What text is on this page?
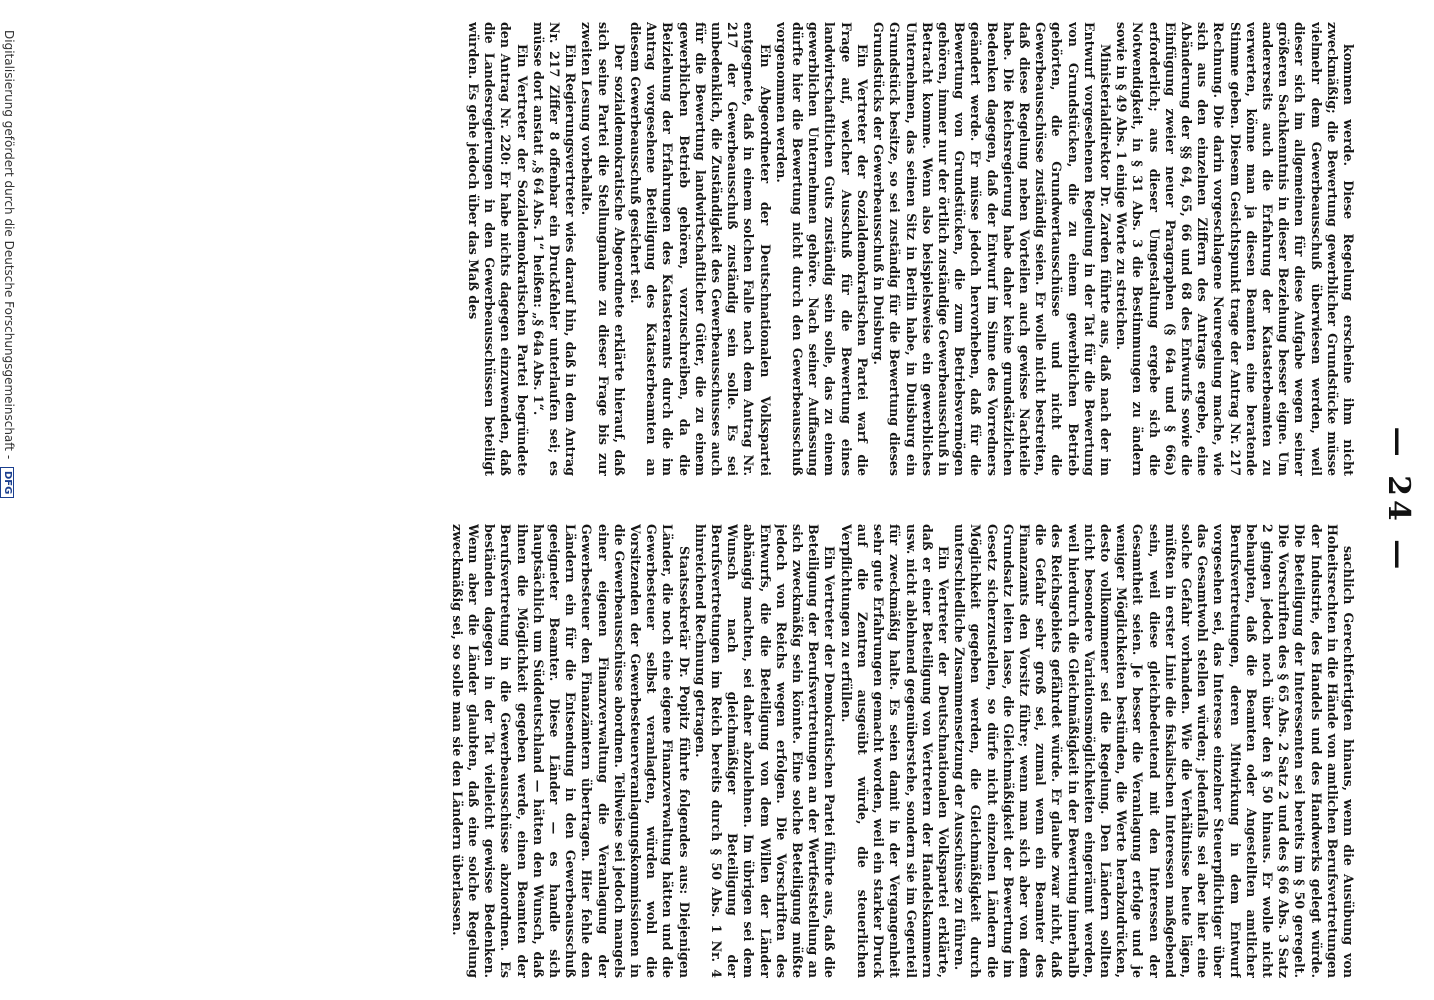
— 24 —

kommen werde. Diese Regelung erscheine ihm nicht zweckmäßig; die Bewertung gewerblicher Grundstücke müsse vielmehr dem Gewerbeausschuß überwiesen werden, weil dieser sich im allgemeinen für diese Aufgabe wegen seiner größeren Sachkenntnis in dieser Beziehung besser eigne. Um andererseits auch die Erfahrung der Katasterbeamten zu verwerten, könne man ja diesen Beamten eine beratende Stimme geben. Diesem Gesichtspunkt trage der Antrag Nr. 217 Rechnung. Die darin vorgeschlagene Neuregelung mache, wie sich aus den einzelnen Ziffern des Antrags ergebe, eine Abänderung der §§ 64, 65, 66 und 68 des Entwurfs sowie die Einfügung zweier neuer Paragraphen (§ 64a und § 66a) erforderlich; aus dieser Umgestaltung ergebe sich die Notwendigkeit, in § 31 Abs. 3 die Bestimmungen zu ändern sowie in § 49 Abs. 1 einige Worte zu streichen.

Ministerialdirektor Dr. Zarden führte aus, daß nach der im Entwurf vorgesehenen Regelung in der Tat für die Bewertung von Grundstücken, die zu einem gewerblichen Betrieb gehörten, die Grundwertausschüsse und nicht die Gewerbeausschüsse zuständig seien. Er wolle nicht bestreiten, daß diese Regelung neben Vorteilen auch gewisse Nachteile habe. Die Reichsregierung habe daher keine grundsätzlichen Bedenken dagegen, daß der Entwurf im Sinne des Vorredners geändert werde. Er müsse jedoch hervorheben, daß für die Bewertung von Grundstücken, die zum Betriebsvermögen gehören, immer nur der örtlich zuständige Gewerbeausschuß in Betracht komme. Wenn also beispielsweise ein gewerbliches Unternehmen, das seinen Sitz in Berlin habe, in Duisburg ein Grundstück besitze, so sei zuständig für die Bewertung dieses Grundstücks der Gewerbeausschuß in Duisburg.

Ein Vertreter der Sozialdemokratischen Partei warf die Frage auf, welcher Ausschuß für die Bewertung eines landwirtschaftlichen Guts zuständig sein solle, das zu einem gewerblichen Unternehmen gehöre. Nach seiner Auffassung dürfte hier die Bewertung nicht durch den Gewerbeausschuß vorgenommen werden.

Ein Abgeordneter der Deutschnationalen Volkspartei entgegnete, daß in einem solchen Falle nach dem Antrag Nr. 217 der Gewerbeausschuß zuständig sein solle. Es sei unbedenklich, die Zuständigkeit des Gewerbeausschusses auch für die Bewertung landwirtschaftlicher Güter, die zu einem gewerblichen Betrieb gehören, vorzuschreiben, da die Beiziehung der Erfahrungen des Katasteramts durch die im Antrag vorgesehene Beteiligung des Katasterbeamten an diesem Gewerbeausschuß gesichert sei.

Der sozialdemokratische Abgeordnete erklärte hierauf, daß sich seine Partei die Stellungnahme zu dieser Frage bis zur zweiten Lesung vorbehalte.

Ein Regierungsvertreter wies darauf hin, daß in dem Antrag Nr. 217 Ziffer 8 offenbar ein Druckfehler unterlaufen sei; es müsse dort anstatt „§ 64 Abs. 1“ heißen: „§ 64a Abs. 1“.

Ein Vertreter der Sozialdemokratischen Partei begründete den Antrag Nr. 220: Er habe nichts dagegen einzuwenden, daß die Landesregierungen in den Gewerbeausschüssen beteiligt würden. Es gehe jedoch über das Maß des

sachlich Gerechtfertigten hinaus, wenn die Ausübung von Hoheitsrechten in die Hände von amtlichen Berufsvertretungen der Industrie, des Handels und des Handwerks gelegt würde. Die Beteiligung der Interessenten sei bereits im § 50 geregelt. Die Vorschriften des § 65 Abs. 2 Satz 2 und des § 66 Abs. 3 Satz 2 gingen jedoch noch über den § 50 hinaus. Er wolle nicht behaupten, daß die Beamten oder Angestellten amtlicher Berufsvertretungen, deren Mitwirkung in dem Entwurf vorgesehen sei, das Interesse einzelner Steuerpflichtiger über das Gesamtwohl stellen würden; jedenfalls sei aber hier eine solche Gefahr vorhanden. Wie die Verhältnisse heute lägen, müßten in erster Linie die fiskalischen Interessen maßgebend sein, weil diese gleichbedeutend mit den Interessen der Gesamtheit seien. Je besser die Veranlagung erfolge und je weniger Möglichkeiten bestünden, die Werte herabzudrücken, desto vollkommener sei die Regelung. Den Ländern sollten nicht besondere Variationsmöglichkeiten eingeräumt werden, weil hierdurch die Gleichmäßigkeit in der Bewertung innerhalb des Reichsgebiets gefährdet würde. Er glaube zwar nicht, daß die Gefahr sehr groß sei, zumal wenn ein Beamter des Finanzamts den Vorsitz führe; wenn man sich aber von dem Grundsatz leiten lasse, die Gleichmäßigkeit der Bewertung im Gesetz sicherzustellen, so dürfe nicht einzelnen Ländern die Möglichkeit gegeben werden, die Gleichmäßigkeit durch unterschiedliche Zusammensetzung der Ausschüsse zu führen.

Ein Vertreter der Deutschnationalen Volkspartei erklärte, daß er einer Beteiligung von Vertretern der Handelskammern usw. nicht ablehnend gegenüberstehe, sondern sie im Gegenteil für zweckmäßig halte. Es seien damit in der Vergangenheit sehr gute Erfahrungen gemacht worden, weil ein starker Druck auf die Zentren ausgeübt würde, die steuerlichen Verpflichtungen zu erfüllen.

Ein Vertreter der Demokratischen Partei führte aus, daß die Beteiligung der Berufsvertretungen an der Wertfeststellung an sich zweckmäßig sein könnte. Eine solche Beteiligung müßte jedoch von Reichs wegen erfolgen. Die Vorschriften des Entwurfs, die die Beteiligung von dem Willen der Länder abhängig machten, sei daher abzulehnen. Im übrigen sei dem Wunsch nach gleichmäßiger Beteiligung der Berufsvertretungen im Reich bereits durch § 50 Abs. 1 Nr. 4 hinreichend Rechnung getragen.

Staatssekretär Dr. Popitz führte folgendes aus: Diejenigen Länder, die noch eine eigene Finanzverwaltung hätten und die Gewerbesteuer selbst veranlagten, würden wohl die Vorsitzenden der Gewerbesteuerveranlagungskommissionen in die Gewerbeausschüsse abordnen. Teilweise sei jedoch mangels einer eigenen Finanzverwaltung die Veranlagung der Gewerbesteuer den Finanzämtern übertragen. Hier fehle den Ländern ein für die Entsendung in den Gewerbeausschuß geeigneter Beamter. Diese Länder — es handle sich hauptsächlich um Süddeutschland — hätten den Wunsch, daß ihnen die Möglichkeit gegeben werde, einen Beamten der Berufsvertretung in die Gewerbeausschüsse abzuordnen. Es beständen dagegen in der Tat vielleicht gewisse Bedenken. Wenn aber die Länder glaubten, daß eine solche Regelung zweckmäßig sei, so solle man sie den Ländern überlassen.

Digitalisierung gefördert durch die Deutsche Forschungsgemeinschaft - DFG
